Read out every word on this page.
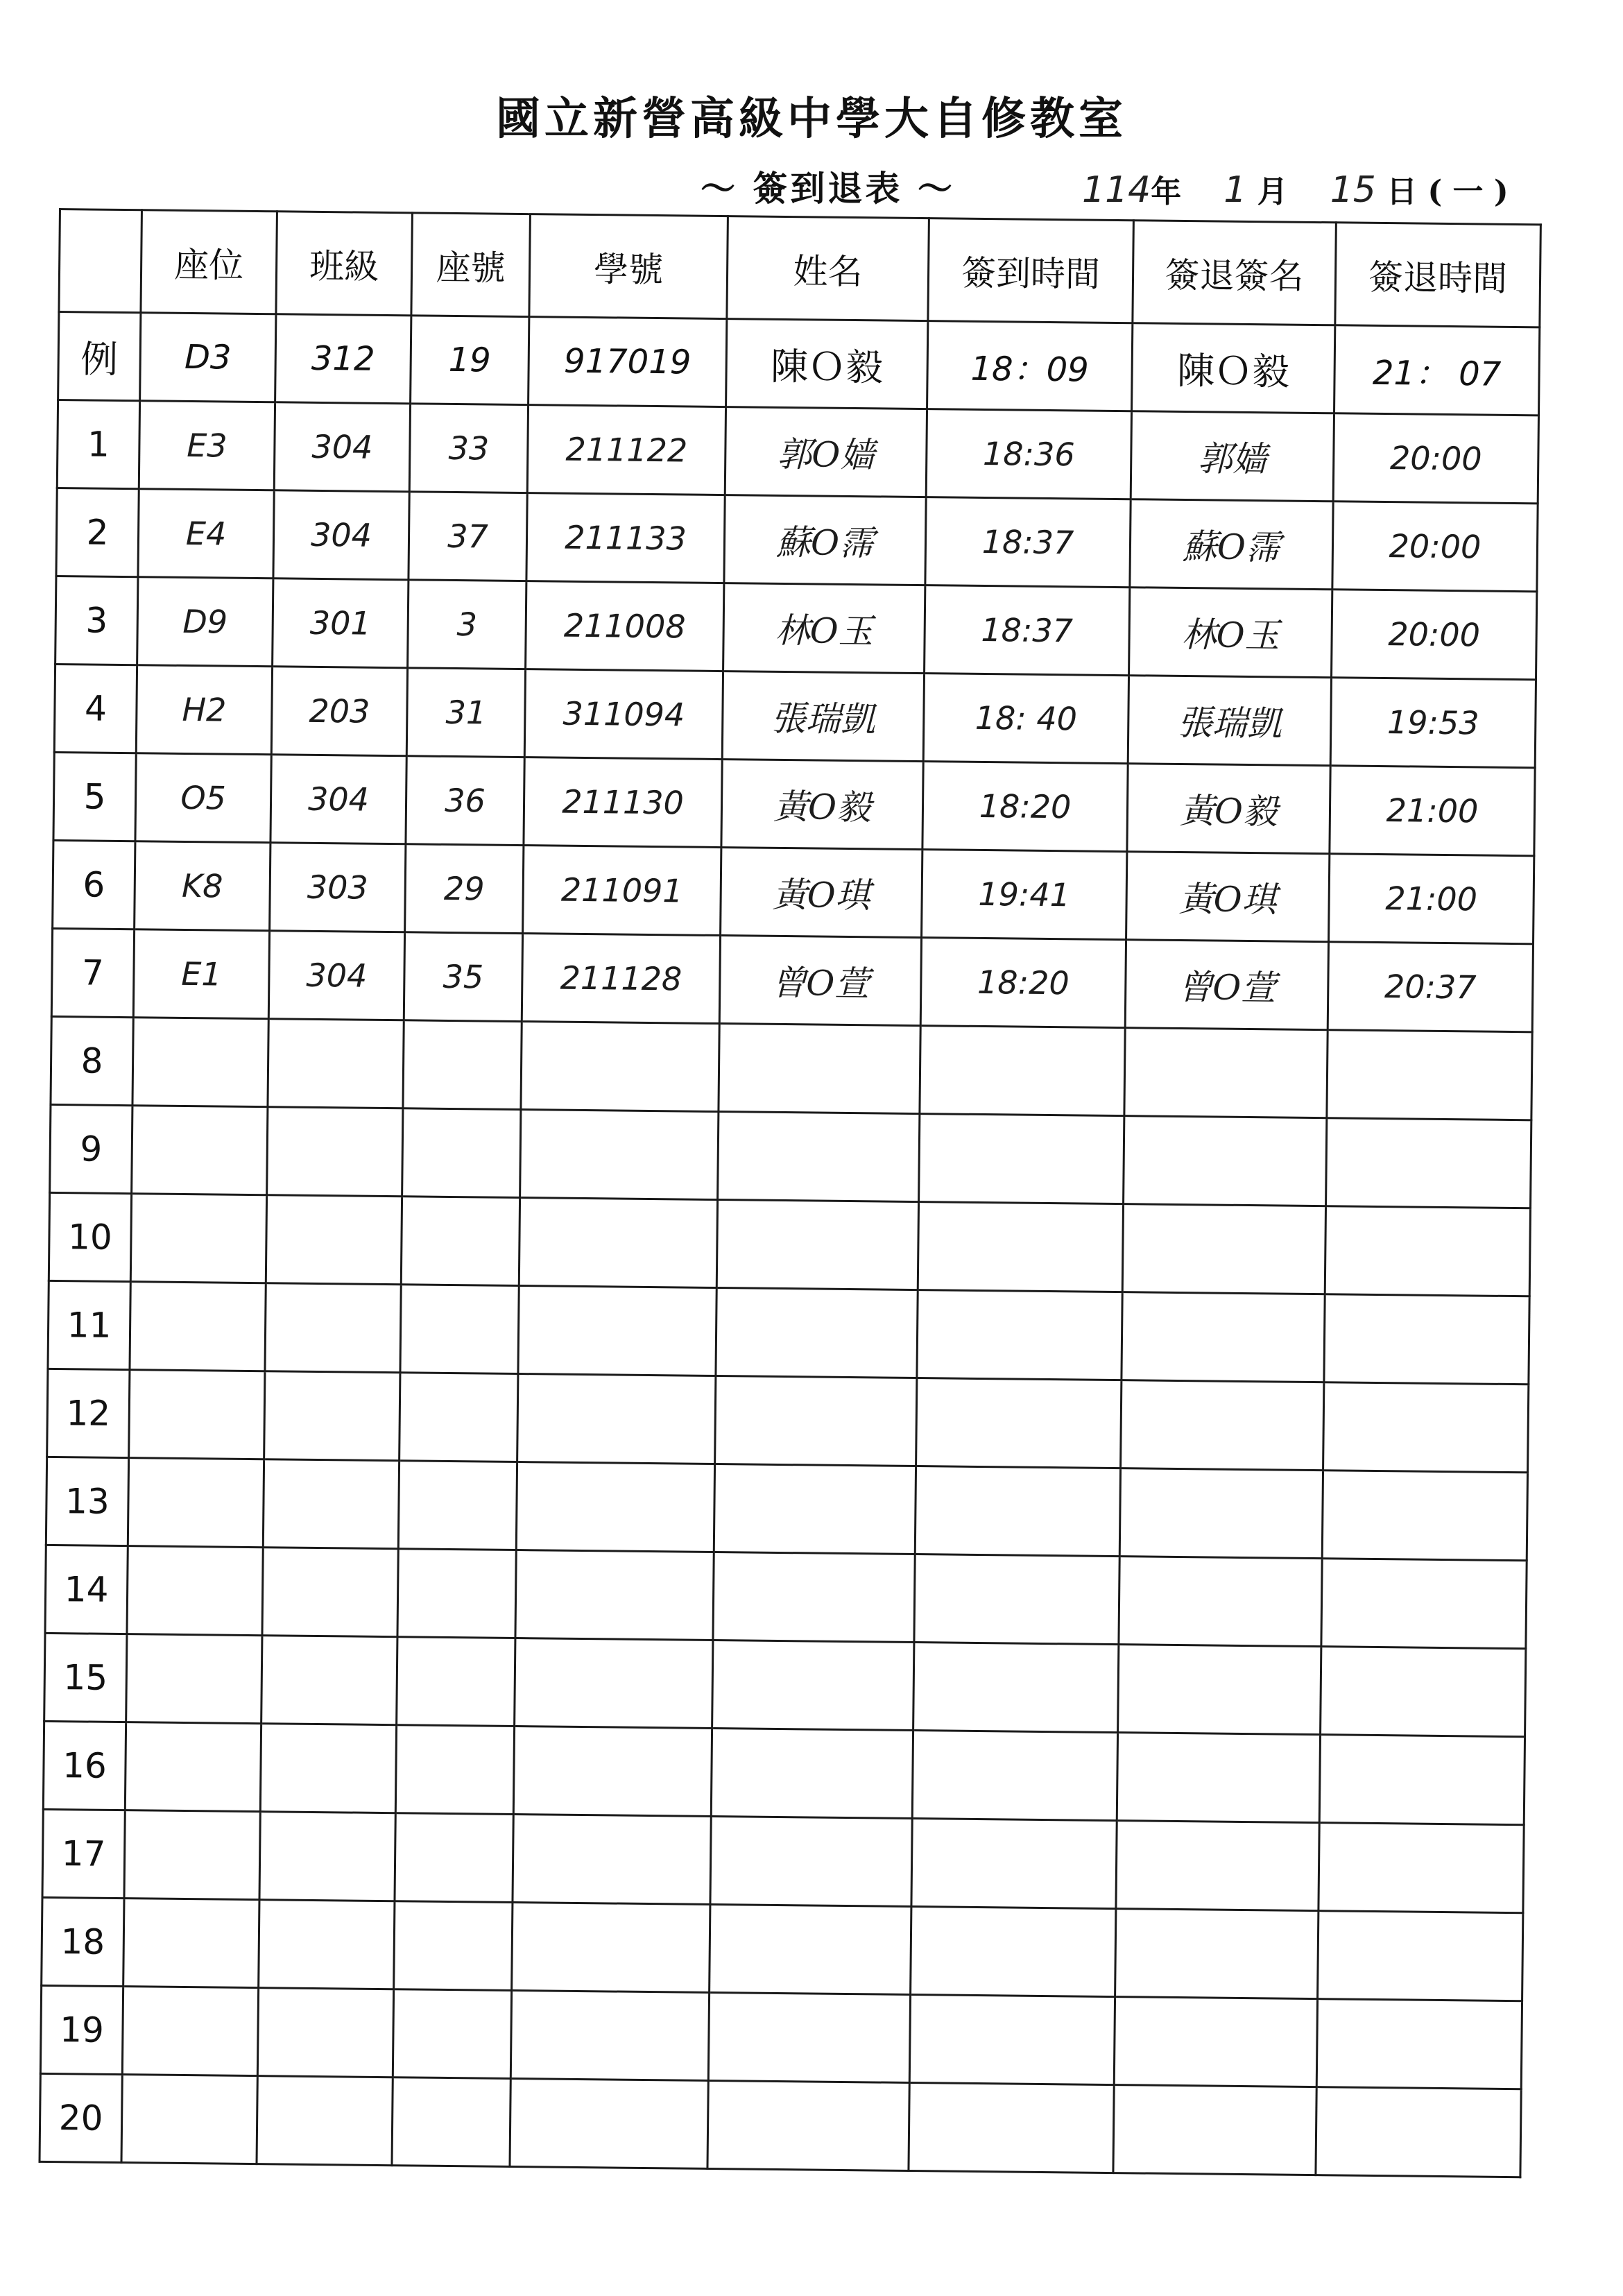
國立新營高級中學大自修教室
～ 簽到退表 ～	114年 1 月 15 日 ( 一 )
	座位	班級	座號	學號	姓名	簽到時間	簽退簽名	簽退時間
例	D3	312	19	917019	陳Ｏ毅	18：09	陳Ｏ毅	21： 07
1	E3	304	33	211122	郭O嫱	18:36	郭嫱	20:00
2	E4	304	37	211133	蘇O霈	18:37	蘇O霈	20:00
3	D9	301	3	211008	林O玉	18:37	林O玉	20:00
4	H2	203	31	311094	張瑞凱	18: 40	張瑞凱	19:53
5	O5	304	36	211130	黃O毅	18:20	黃O毅	21:00
6	K8	303	29	211091	黃O琪	19:41	黃O琪	21:00
7	E1	304	35	211128	曾O萱	18:20	曾O萱	20:37
8								
9								
10								
11								
12								
13								
14								
15								
16								
17								
18								
19								
20								
